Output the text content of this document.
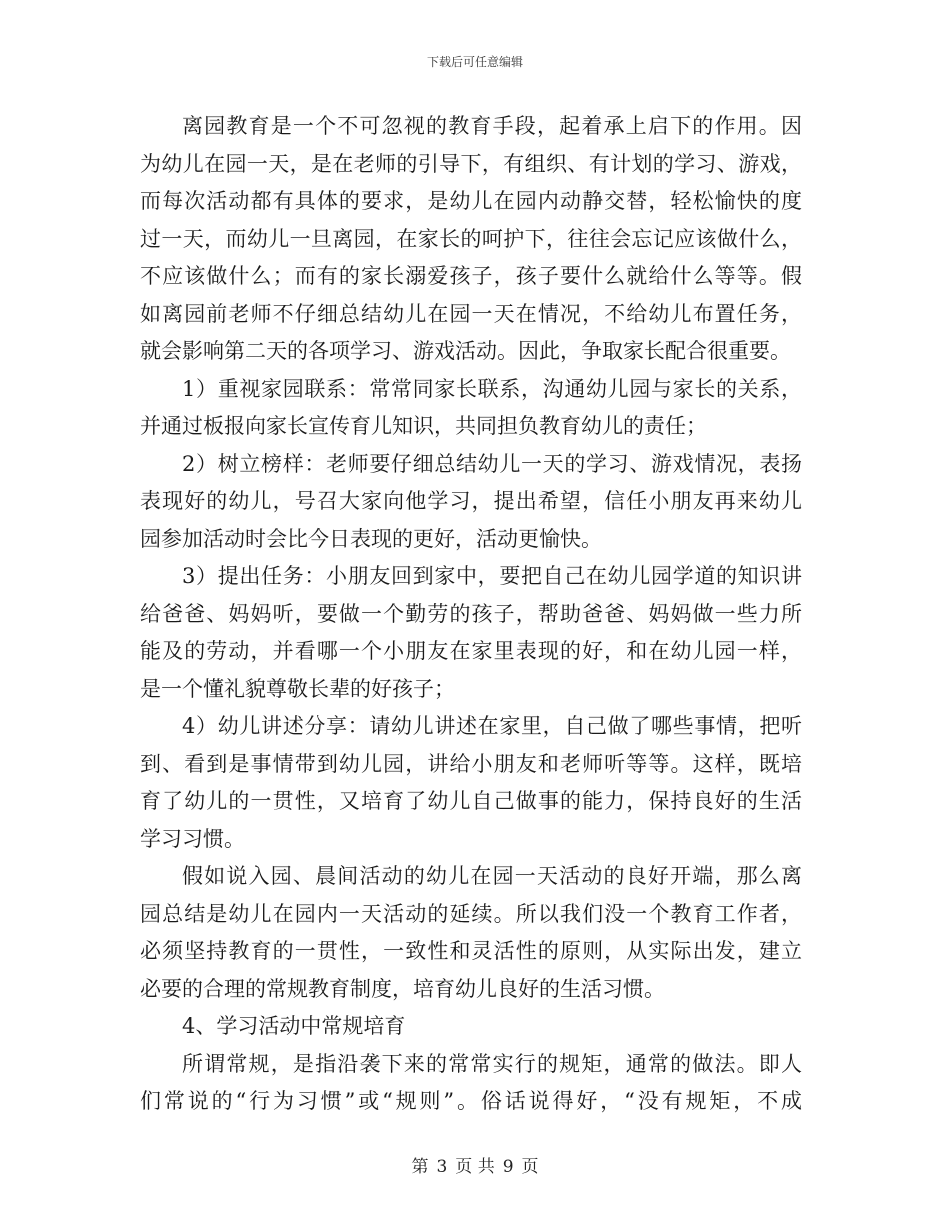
下载后可任意编辑
离园教育是一个不可忽视的教育手段，起着承上启下的作用。因
为幼儿在园一天，是在老师的引导下，有组织、有计划的学习、游戏，
而每次活动都有具体的要求，是幼儿在园内动静交替，轻松愉快的度
过一天，而幼儿一旦离园，在家长的呵护下，往往会忘记应该做什么，
不应该做什么；而有的家长溺爱孩子，孩子要什么就给什么等等。假
如离园前老师不仔细总结幼儿在园一天在情况，不给幼儿布置任务，
就会影响第二天的各项学习、游戏活动。因此，争取家长配合很重要。
1）重视家园联系：常常同家长联系，沟通幼儿园与家长的关系，
并通过板报向家长宣传育儿知识，共同担负教育幼儿的责任；
2）树立榜样：老师要仔细总结幼儿一天的学习、游戏情况，表扬
表现好的幼儿，号召大家向他学习，提出希望，信任小朋友再来幼儿
园参加活动时会比今日表现的更好，活动更愉快。
3）提出任务：小朋友回到家中，要把自己在幼儿园学道的知识讲
给爸爸、妈妈听，要做一个勤劳的孩子，帮助爸爸、妈妈做一些力所
能及的劳动，并看哪一个小朋友在家里表现的好，和在幼儿园一样，
是一个懂礼貌尊敬长辈的好孩子；
4）幼儿讲述分享：请幼儿讲述在家里，自己做了哪些事情，把听
到、看到是事情带到幼儿园，讲给小朋友和老师听等等。这样，既培
育了幼儿的一贯性，又培育了幼儿自己做事的能力，保持良好的生活
学习习惯。
假如说入园、晨间活动的幼儿在园一天活动的良好开端，那么离
园总结是幼儿在园内一天活动的延续。所以我们没一个教育工作者，
必须坚持教育的一贯性，一致性和灵活性的原则，从实际出发，建立
必要的合理的常规教育制度，培育幼儿良好的生活习惯。
4、学习活动中常规培育
所谓常规，是指沿袭下来的常常实行的规矩，通常的做法。即人
们常说的“行为习惯”或“规则”。俗话说得好，“没有规矩，不成
第 3 页 共 9 页
